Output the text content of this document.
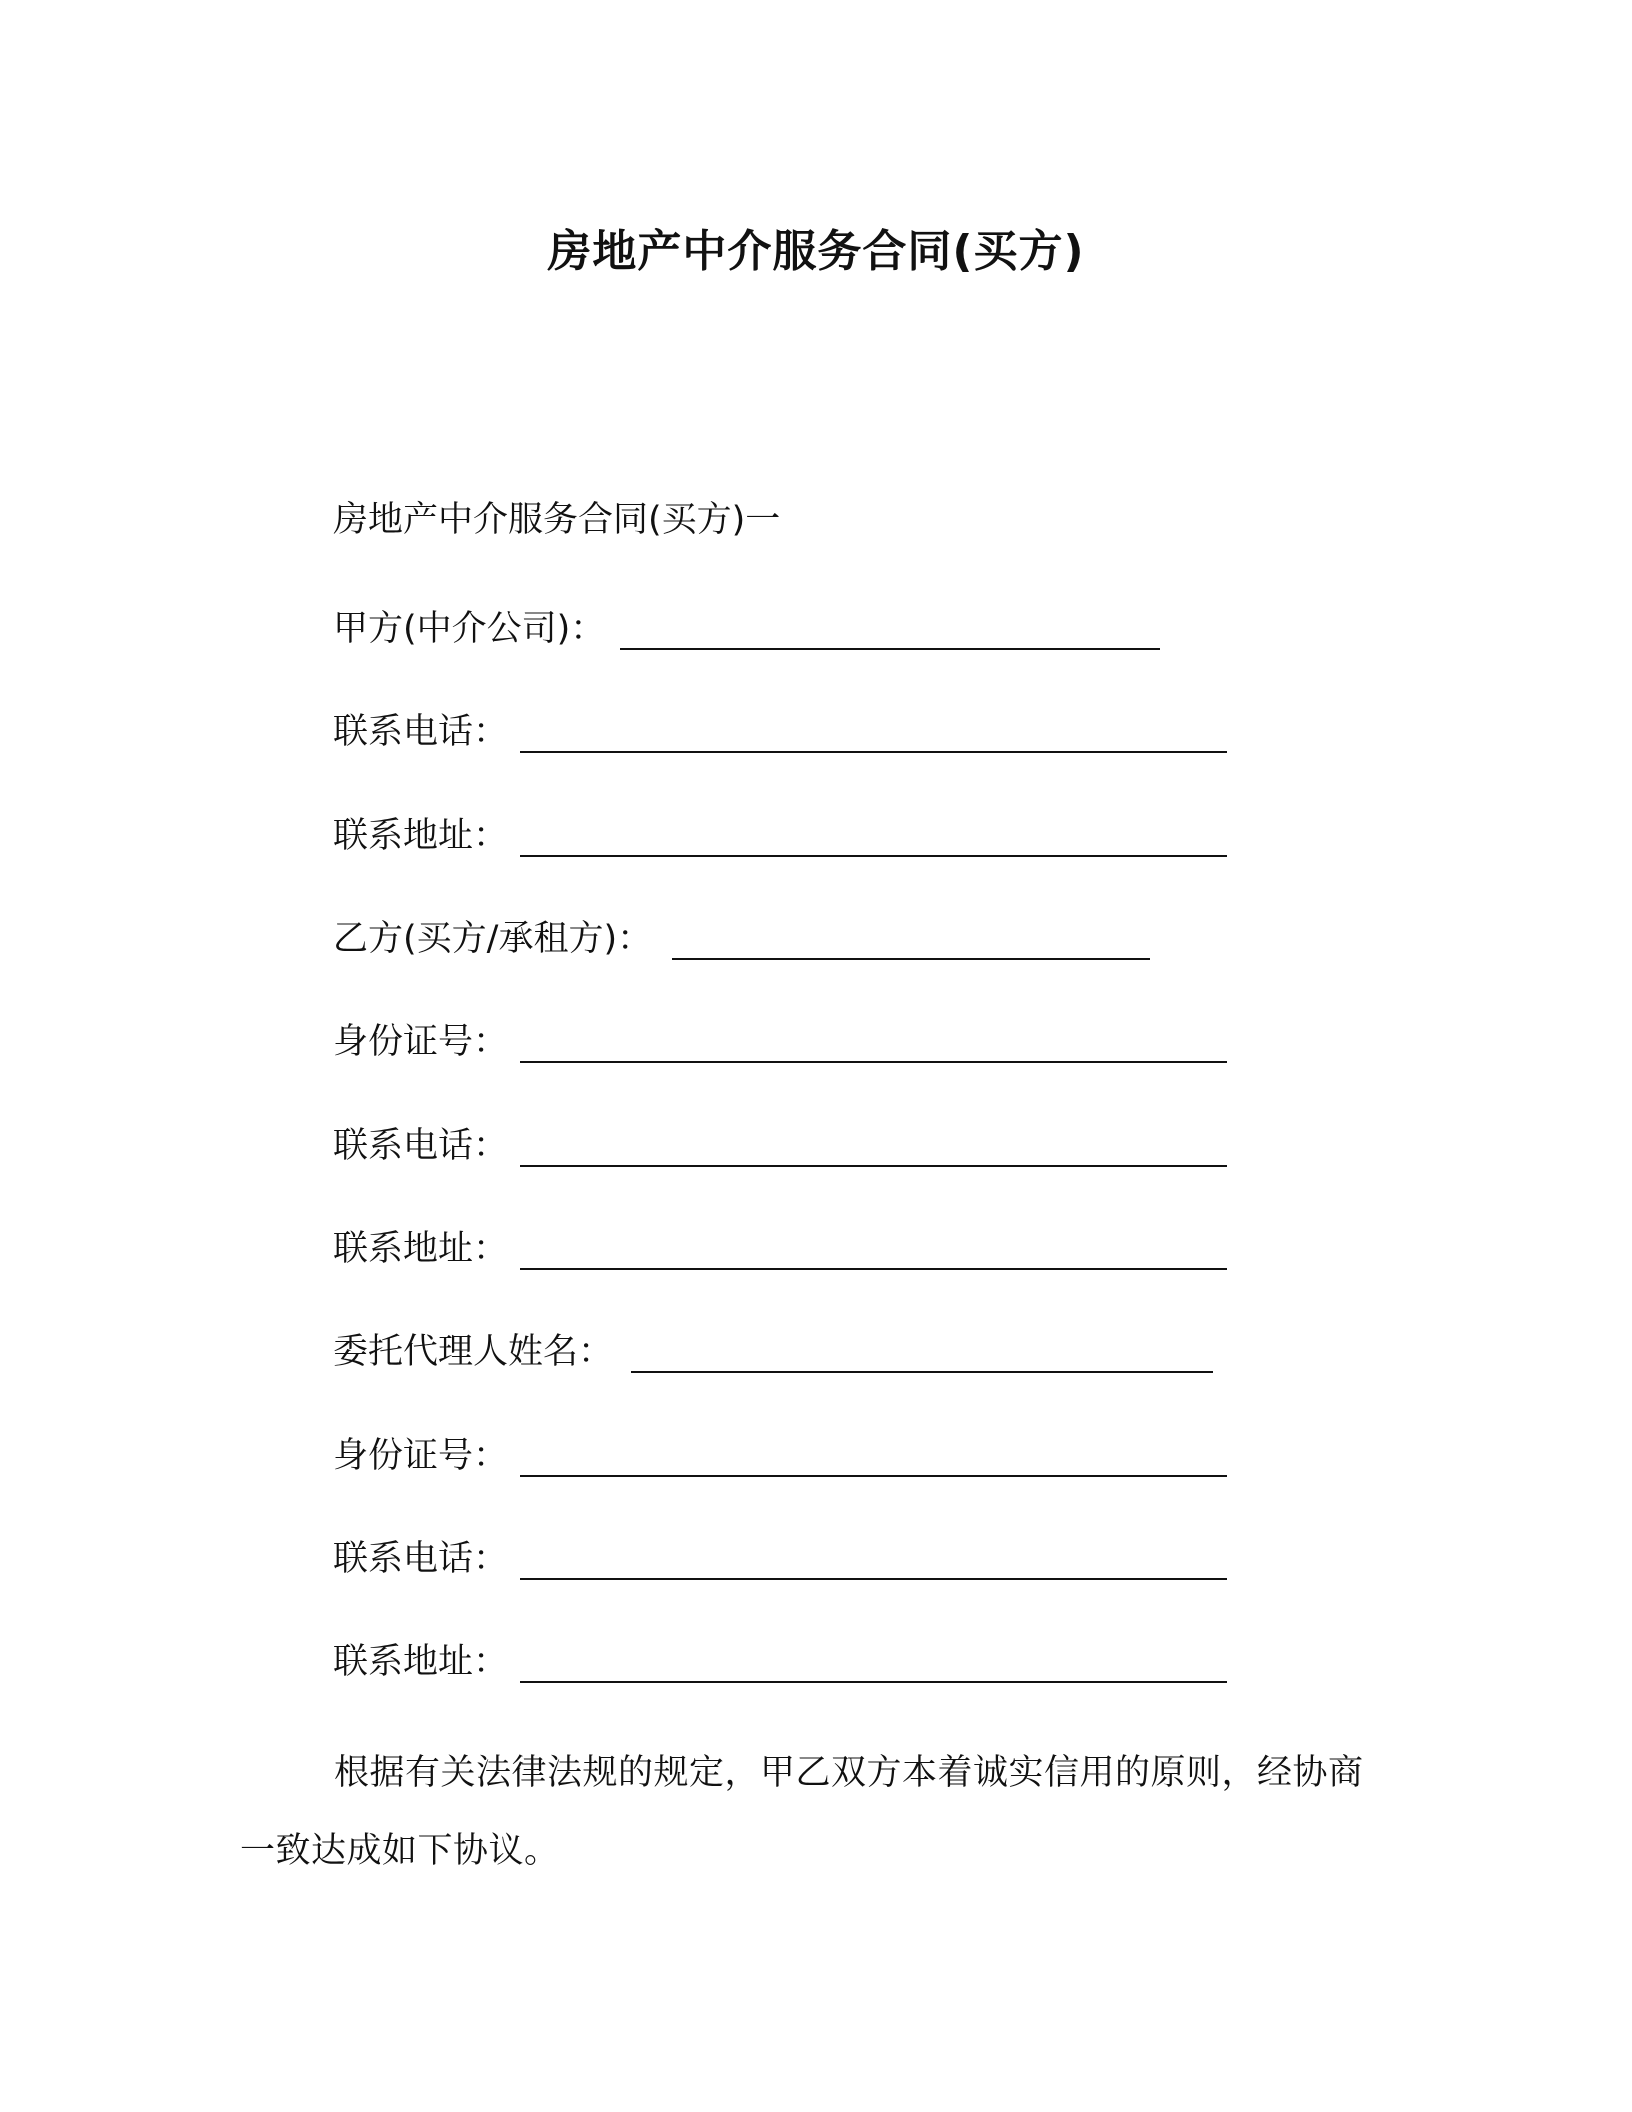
房地产中介服务合同(买方)
房地产中介服务合同(买方)一
甲方(中介公司)：
联系电话：
联系地址：
乙方(买方/承租方)：
身份证号：
联系电话：
联系地址：
委托代理人姓名：
身份证号：
联系电话：
联系地址：
根据有关法律法规的规定，甲乙双方本着诚实信用的原则，经协商一致达成如下协议。
